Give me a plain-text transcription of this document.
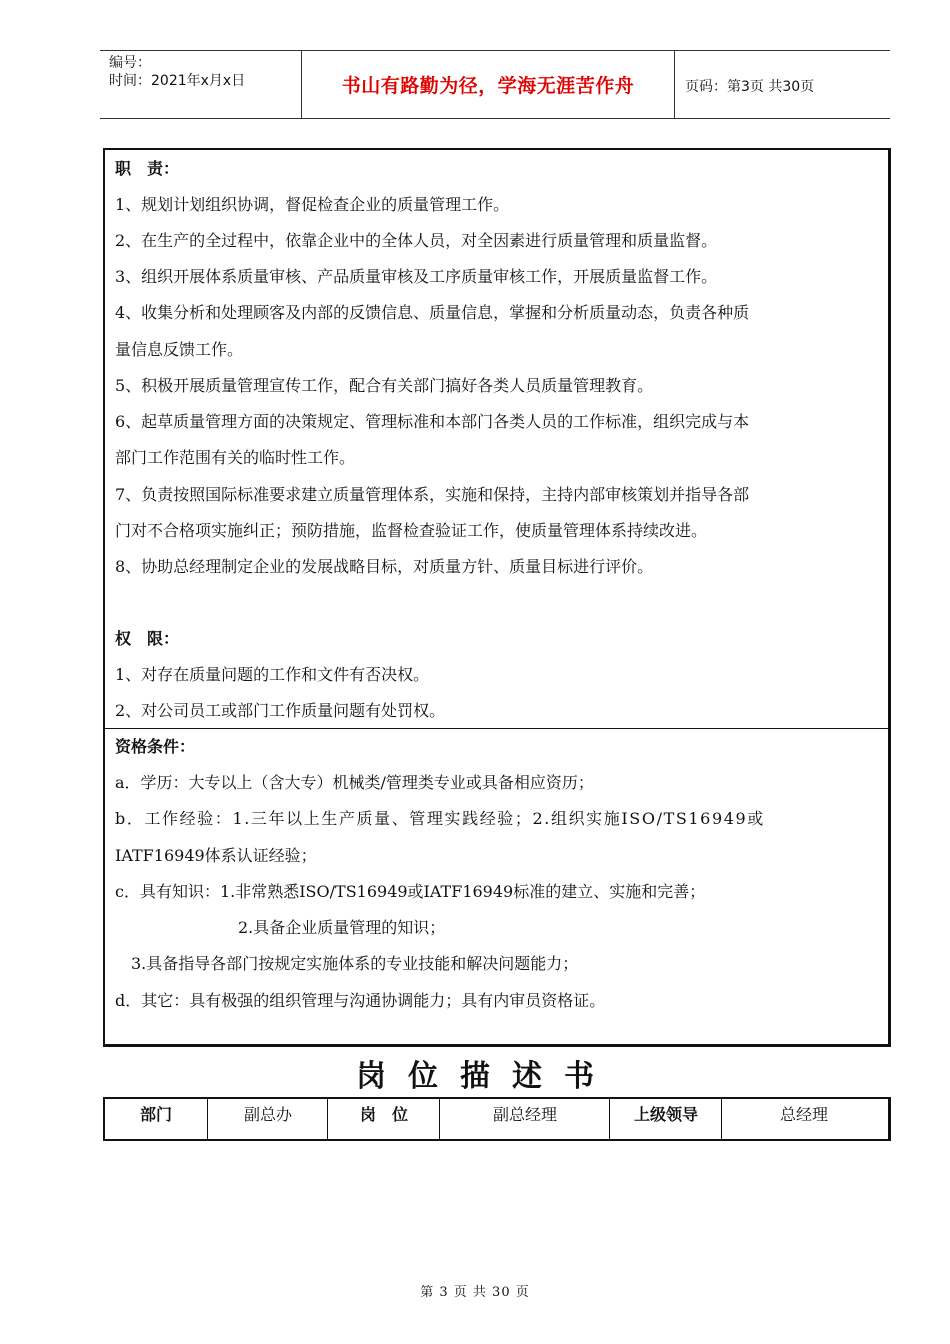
编号：
时间：2021年x月x日	书山有路勤为径，学海无涯苦作舟	页码：第3页 共30页
职　责：
1、规划计划组织协调，督促检查企业的质量管理工作。
2、在生产的全过程中，依靠企业中的全体人员，对全因素进行质量管理和质量监督。
3、组织开展体系质量审核、产品质量审核及工序质量审核工作，开展质量监督工作。
4、收集分析和处理顾客及内部的反馈信息、质量信息，掌握和分析质量动态，负责各种质
量信息反馈工作。
5、积极开展质量管理宣传工作，配合有关部门搞好各类人员质量管理教育。
6、起草质量管理方面的决策规定、管理标准和本部门各类人员的工作标准，组织完成与本
部门工作范围有关的临时性工作。
7、负责按照国际标准要求建立质量管理体系，实施和保持，主持内部审核策划并指导各部
门对不合格项实施纠正；预防措施，监督检查验证工作，使质量管理体系持续改进。
8、协助总经理制定企业的发展战略目标，对质量方针、质量目标进行评价。
权　限：
1、对存在质量问题的工作和文件有否决权。
2、对公司员工或部门工作质量问题有处罚权。
资格条件：
a．学历：大专以上（含大专）机械类/管理类专业或具备相应资历；
b．工作经验：1.三年以上生产质量、管理实践经验；2.组织实施ISO/TS16949或
IATF16949体系认证经验；
c．具有知识：1.非常熟悉ISO/TS16949或IATF16949标准的建立、实施和完善；
2.具备企业质量管理的知识；
3.具备指导各部门按规定实施体系的专业技能和解决问题能力；
d．其它：具有极强的组织管理与沟通协调能力；具有内审员资格证。
岗位描述书
部门	副总办	岗　位	副总经理	上级领导	总经理
第 3 页 共 30 页
